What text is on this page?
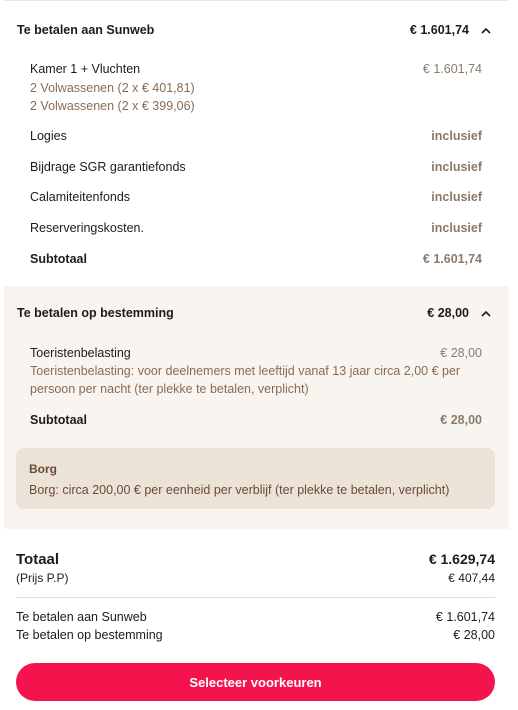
Te betalen aan Sunweb	€ 1.601,74
Kamer 1 + Vluchten	€ 1.601,74
2 Volwassenen (2 x € 401,81)
2 Volwassenen (2 x € 399,06)
Logies	inclusief
Bijdrage SGR garantiefonds	inclusief
Calamiteitenfonds	inclusief
Reserveringskosten.	inclusief
Subtotaal	€ 1.601,74
Te betalen op bestemming	€ 28,00
Toeristenbelasting	€ 28,00
Toeristenbelasting: voor deelnemers met leeftijd vanaf 13 jaar circa 2,00 € per
persoon per nacht (ter plekke te betalen, verplicht)
Subtotaal	€ 28,00
Borg
Borg: circa 200,00 € per eenheid per verblijf (ter plekke te betalen, verplicht)
Totaal	€ 1.629,74
(Prijs P.P)	€ 407,44
Te betalen aan Sunweb	€ 1.601,74
Te betalen op bestemming	€ 28,00
Selecteer voorkeuren
